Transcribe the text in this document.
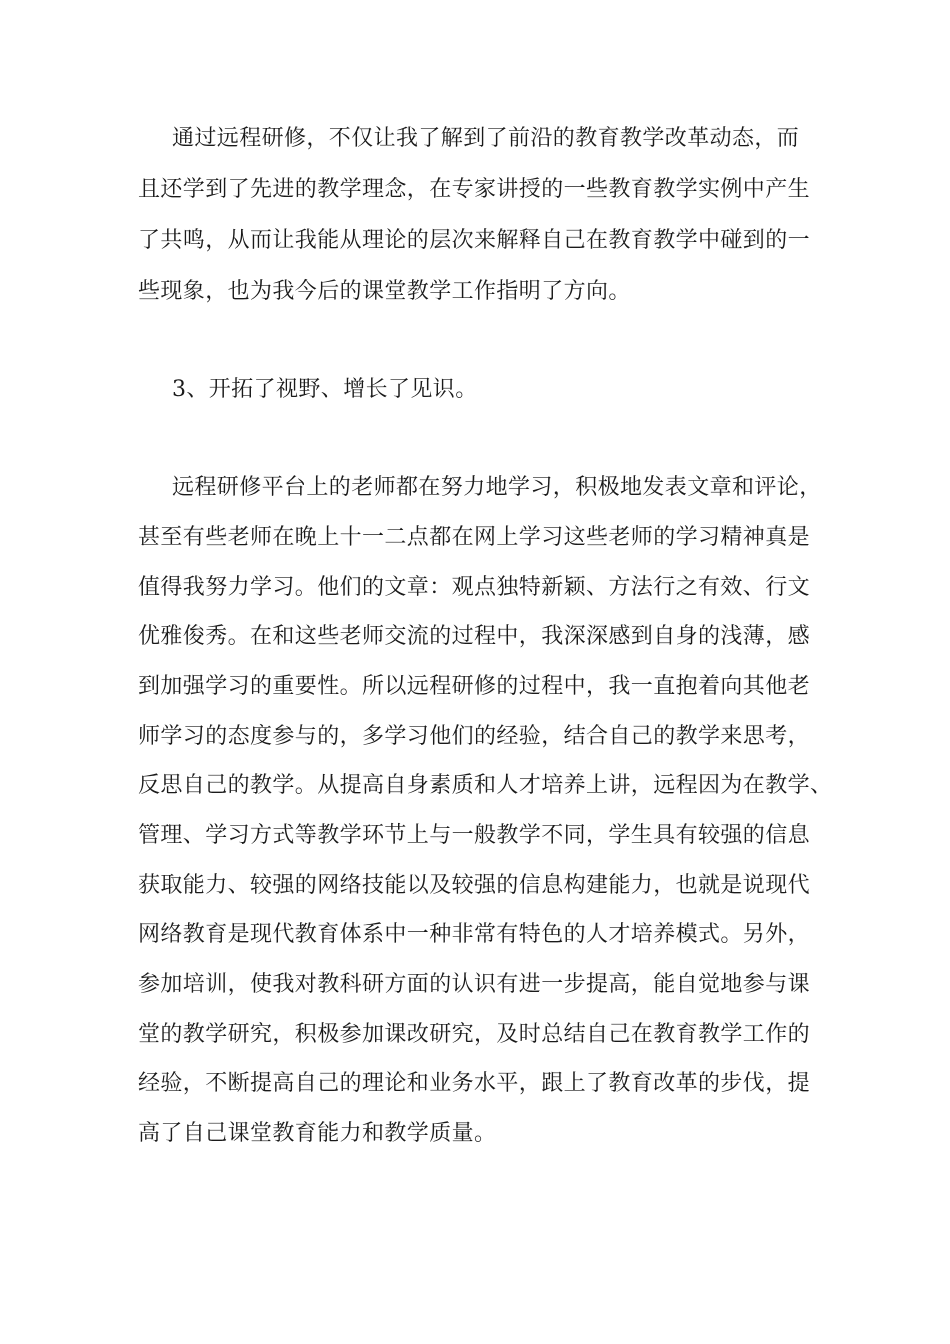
通过远程研修，不仅让我了解到了前沿的教育教学改革动态，而
且还学到了先进的教学理念，在专家讲授的一些教育教学实例中产生
了共鸣，从而让我能从理论的层次来解释自己在教育教学中碰到的一
些现象，也为我今后的课堂教学工作指明了方向。
3、开拓了视野、增长了见识。
远程研修平台上的老师都在努力地学习，积极地发表文章和评论，
甚至有些老师在晚上十一二点都在网上学习这些老师的学习精神真是
值得我努力学习。他们的文章：观点独特新颖、方法行之有效、行文
优雅俊秀。在和这些老师交流的过程中，我深深感到自身的浅薄，感
到加强学习的重要性。所以远程研修的过程中，我一直抱着向其他老
师学习的态度参与的，多学习他们的经验，结合自己的教学来思考，
反思自己的教学。从提高自身素质和人才培养上讲，远程因为在教学、
管理、学习方式等教学环节上与一般教学不同，学生具有较强的信息
获取能力、较强的网络技能以及较强的信息构建能力，也就是说现代
网络教育是现代教育体系中一种非常有特色的人才培养模式。另外，
参加培训，使我对教科研方面的认识有进一步提高，能自觉地参与课
堂的教学研究，积极参加课改研究，及时总结自己在教育教学工作的
经验，不断提高自己的理论和业务水平，跟上了教育改革的步伐，提
高了自己课堂教育能力和教学质量。
